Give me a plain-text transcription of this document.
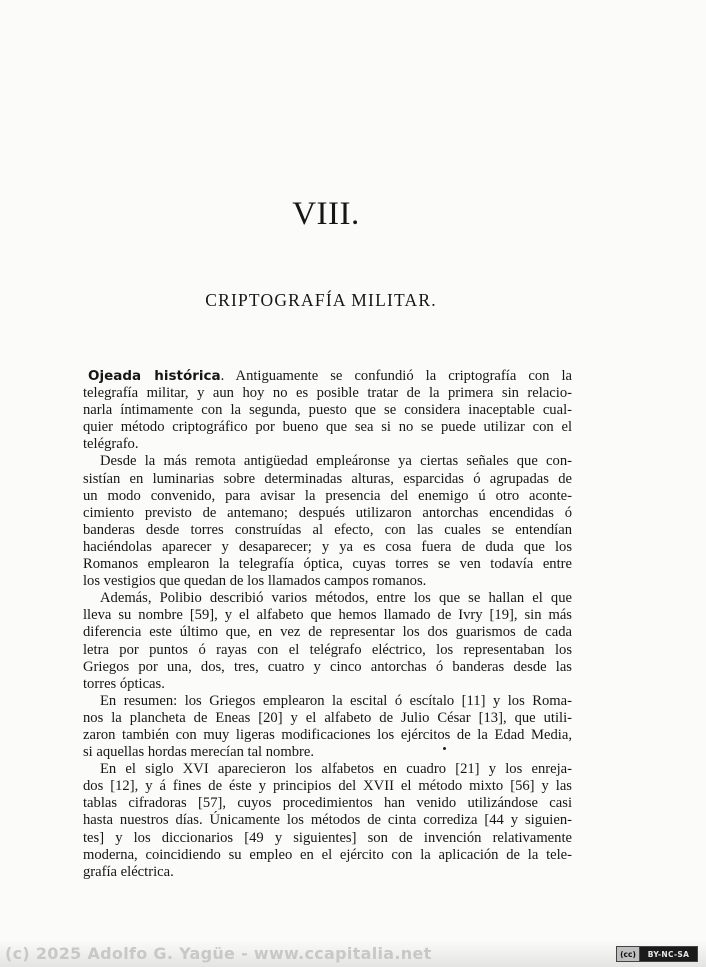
VIII.
CRIPTOGRAFÍA MILITAR.

Ojeada histórica. Antiguamente se confundió la criptografía con la
telegrafía militar, y aun hoy no es posible tratar de la primera sin relacio-
narla íntimamente con la segunda, puesto que se considera inaceptable cual-
quier método criptográfico por bueno que sea si no se puede utilizar con el
telégrafo.

Desde la más remota antigüedad empleáronse ya ciertas señales que con-
sistían en luminarias sobre determinadas alturas, esparcidas ó agrupadas de
un modo convenido, para avisar la presencia del enemigo ú otro aconte-
cimiento previsto de antemano; después utilizaron antorchas encendidas ó
banderas desde torres construídas al efecto, con las cuales se entendían
haciéndolas aparecer y desaparecer; y ya es cosa fuera de duda que los
Romanos emplearon la telegrafía óptica, cuyas torres se ven todavía entre
los vestigios que quedan de los llamados campos romanos.

Además, Polibio describió varios métodos, entre los que se hallan el que
lleva su nombre [59], y el alfabeto que hemos llamado de Ivry [19], sin más
diferencia este último que, en vez de representar los dos guarismos de cada
letra por puntos ó rayas con el telégrafo eléctrico, los representaban los
Griegos por una, dos, tres, cuatro y cinco antorchas ó banderas desde las
torres ópticas.

En resumen: los Griegos emplearon la escital ó escítalo [11] y los Roma-
nos la plancheta de Eneas [20] y el alfabeto de Julio César [13], que utili-
zaron también con muy ligeras modificaciones los ejércitos de la Edad Media,
si aquellas hordas merecían tal nombre.

En el siglo XVI aparecieron los alfabetos en cuadro [21] y los enreja-
dos [12], y á fines de éste y principios del XVII el método mixto [56] y las
tablas cifradoras [57], cuyos procedimientos han venido utilizándose casi
hasta nuestros días. Únicamente los métodos de cinta corrediza [44 y siguien-
tes] y los diccionarios [49 y siguientes] son de invención relativamente
moderna, coincidiendo su empleo en el ejército con la aplicación de la tele-
grafía eléctrica.

(c) 2025 Adolfo G. Yagüe - www.ccapitalia.net	(cc)	BY-NC-SA
